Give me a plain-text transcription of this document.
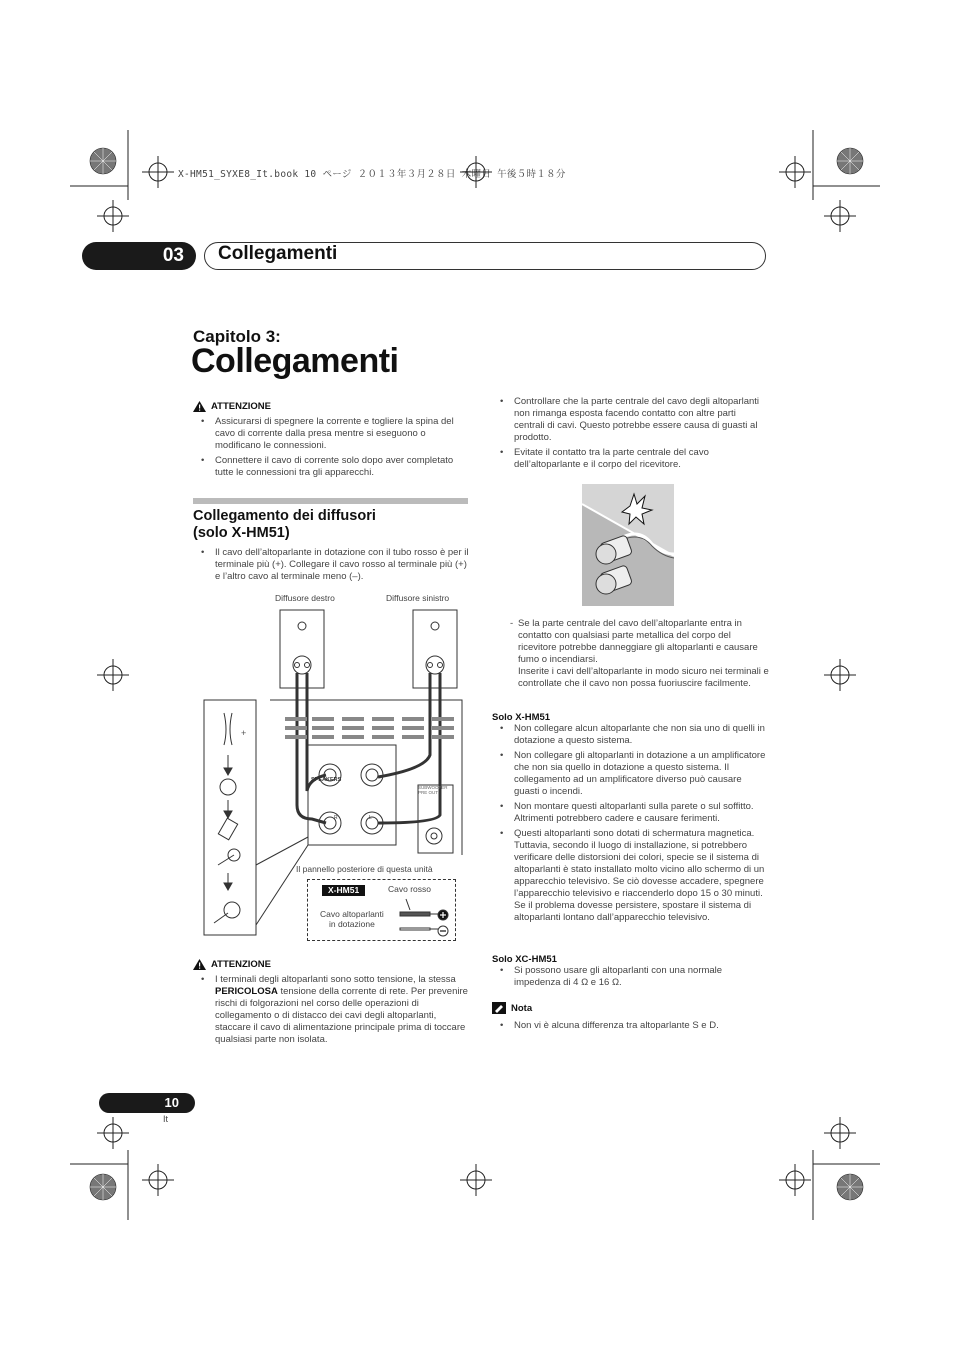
X-HM51_SYXE8_It.book 10 ページ ２０１３年３月２８日 木曜日 午後５時１８分
03	Collegamenti
Capitolo 3:
Collegamenti
ATTENZIONE
• Assicurarsi di spegnere la corrente e togliere la spina del cavo di corrente dalla presa mentre si eseguono o modificano le connessioni.
• Connettere il cavo di corrente solo dopo aver completato tutte le connessioni tra gli apparecchi.
Collegamento dei diffusori
(solo X-HM51)
• Il cavo dell’altoparlante in dotazione con il tubo rosso è per il terminale più (+). Collegare il cavo rosso al terminale più (+) e l’altro cavo al terminale meno (–).
Diffusore destro	Diffusore sinistro
SPEAKERS
SUBWOOFER PRE OUT
+
R	L
Il pannello posteriore di questa unità
X-HM51	Cavo rosso
Cavo altoparlanti
in dotazione
ATTENZIONE
• I terminali degli altoparlanti sono sotto tensione, la stessa PERICOLOSA tensione della corrente di rete. Per prevenire rischi di folgorazioni nel corso delle operazioni di collegamento o di distacco dei cavi degli altoparlanti, staccare il cavo di alimentazione principale prima di toccare qualsiasi parte non isolata.
• Controllare che la parte centrale del cavo degli altoparlanti non rimanga esposta facendo contatto con altre parti centrali di cavi. Questo potrebbe essere causa di guasti al prodotto.
• Evitate il contatto tra la parte centrale del cavo dell’altoparlante e il corpo del ricevitore.
- Se la parte centrale del cavo dell’altoparlante entra in contatto con qualsiasi parte metallica del corpo del ricevitore potrebbe danneggiare gli altoparlanti e causare fumo o incendiarsi.
Inserite i cavi dell’altoparlante in modo sicuro nei terminali e controllate che il cavo non possa fuoriuscire facilmente.
Solo X-HM51
• Non collegare alcun altoparlante che non sia uno di quelli in dotazione a questo sistema.
• Non collegare gli altoparlanti in dotazione a un amplificatore che non sia quello in dotazione a questo sistema. Il collegamento ad un amplificatore diverso può causare guasti o incendi.
• Non montare questi altoparlanti sulla parete o sul soffitto. Altrimenti potrebbero cadere e causare ferimenti.
• Questi altoparlanti sono dotati di schermatura magnetica. Tuttavia, secondo il luogo di installazione, si potrebbero verificare delle distorsioni dei colori, specie se il sistema di altoparlanti è stato installato molto vicino allo schermo di un apparecchio televisivo. Se ciò dovesse accadere, spegnere l’apparecchio televisivo e riaccenderlo dopo 15 o 30 minuti. Se il problema dovesse persistere, spostare il sistema di altoparlanti lontano dall’apparecchio televisivo.
Solo XC-HM51
• Si possono usare gli altoparlanti con una normale impedenza di 4 Ω e 16 Ω.
Nota
• Non vi è alcuna differenza tra altoparlante S e D.
10
It
